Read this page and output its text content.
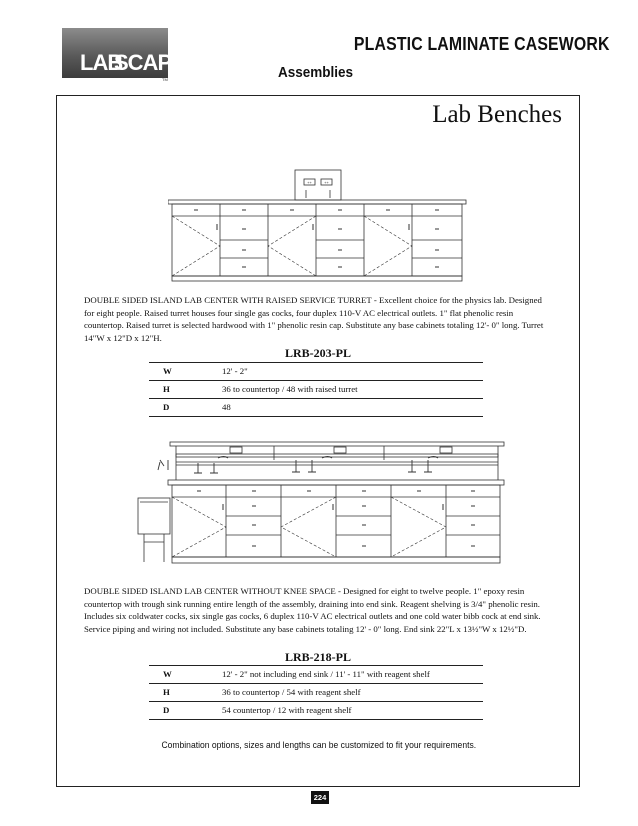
LAB
SCAPE
TM
PLASTIC LAMINATE CASEWORK
Assemblies
Lab Benches
++	++
DOUBLE SIDED ISLAND LAB CENTER WITH RAISED SERVICE TURRET - Excellent choice for the physics lab. Designed for eight people. Raised turret houses four single gas cocks, four duplex 110-V AC electrical outlets. 1" flat phenolic resin countertop. Raised turret is selected hardwood with 1" phenolic resin cap. Substitute any base cabinets totaling 12'- 0" long. Turret 14"W x 12"D x 12"H.
LRB-203-PL
W	12' - 2"
H	36 to countertop / 48 with raised turret
D	48
DOUBLE SIDED ISLAND LAB CENTER WITHOUT KNEE SPACE - Designed for eight to twelve people. 1" epoxy resin countertop with trough sink running entire length of the assembly, draining into end sink. Reagent shelving is 3/4" phenolic resin. Includes six coldwater cocks, six single gas cocks, 6 duplex 110-V AC electrical outlets and one cold water bibb cock at end sink. Service piping and wiring not included. Substitute any base cabinets totaling 12' - 0" long. End sink 22"L x 13½"W x 12½"D.
LRB-218-PL
W	12' - 2" not including end sink / 11' - 11" with reagent shelf
H	36 to countertop / 54 with reagent shelf
D	54 countertop / 12 with reagent shelf
Combination options, sizes and lengths can be customized to fit your requirements.
224
